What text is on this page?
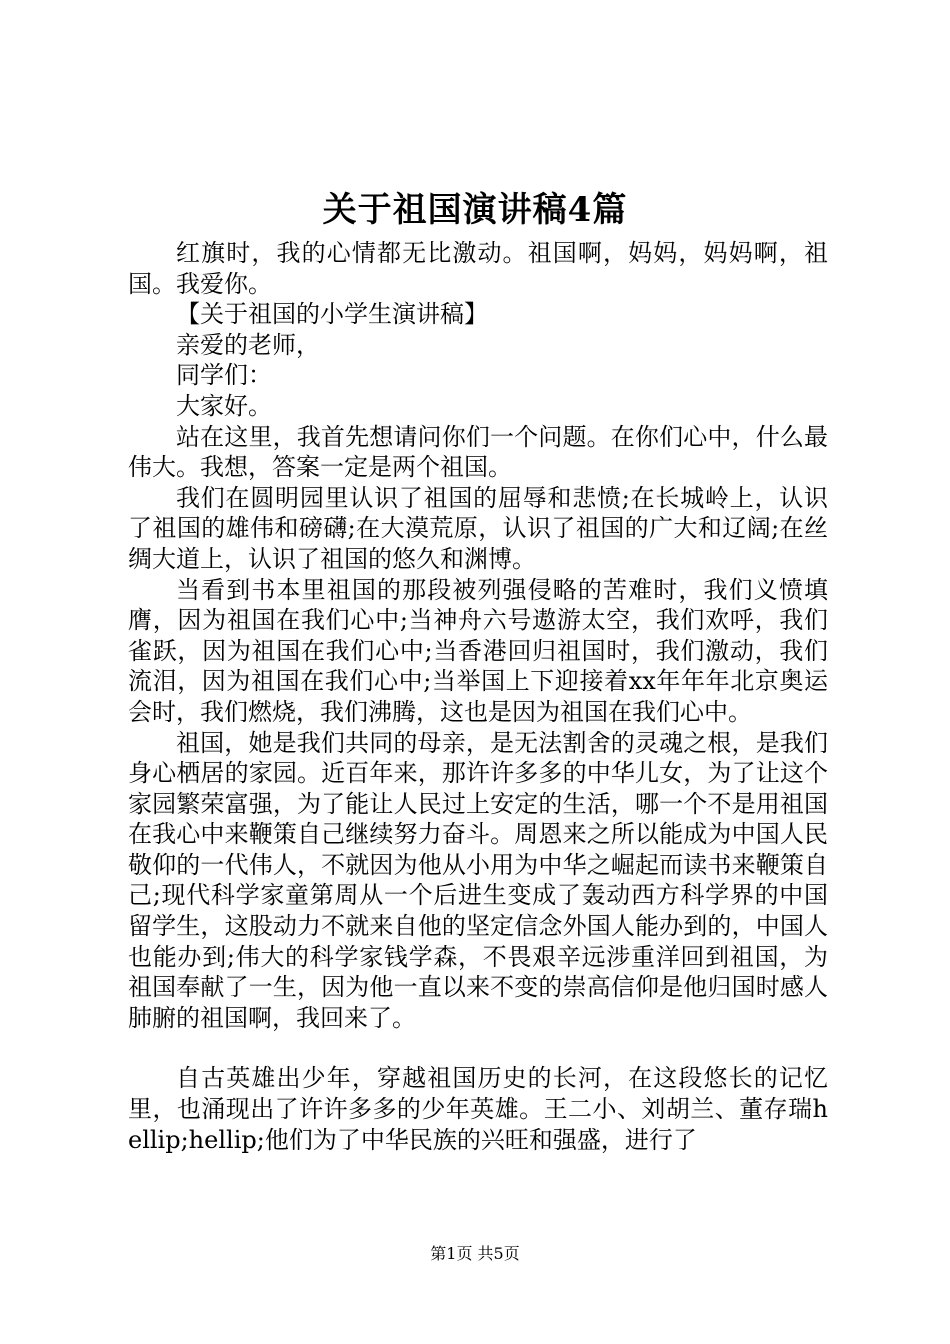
关于祖国演讲稿4篇

红旗时，我的心情都无比激动。祖国啊，妈妈，妈妈啊，祖国。我爱你。

【关于祖国的小学生演讲稿】

亲爱的老师，

同学们：

大家好。

站在这里，我首先想请问你们一个问题。在你们心中，什么最伟大。我想，答案一定是两个祖国。

我们在圆明园里认识了祖国的屈辱和悲愤;在长城岭上，认识了祖国的雄伟和磅礴;在大漠荒原，认识了祖国的广大和辽阔;在丝绸大道上，认识了祖国的悠久和渊博。

当看到书本里祖国的那段被列强侵略的苦难时，我们义愤填膺，因为祖国在我们心中;当神舟六号遨游太空，我们欢呼，我们雀跃，因为祖国在我们心中;当香港回归祖国时，我们激动，我们流泪，因为祖国在我们心中;当举国上下迎接着xx年年年北京奥运会时，我们燃烧，我们沸腾，这也是因为祖国在我们心中。

祖国，她是我们共同的母亲，是无法割舍的灵魂之根，是我们身心栖居的家园。近百年来，那许许多多的中华儿女，为了让这个家园繁荣富强，为了能让人民过上安定的生活，哪一个不是用祖国在我心中来鞭策自己继续努力奋斗。周恩来之所以能成为中国人民敬仰的一代伟人，不就因为他从小用为中华之崛起而读书来鞭策自己;现代科学家童第周从一个后进生变成了轰动西方科学界的中国留学生，这股动力不就来自他的坚定信念外国人能办到的，中国人也能办到;伟大的科学家钱学森，不畏艰辛远涉重洋回到祖国，为祖国奉献了一生，因为他一直以来不变的崇高信仰是他归国时感人肺腑的祖国啊，我回来了。

自古英雄出少年，穿越祖国历史的长河，在这段悠长的记忆里，也涌现出了许许多多的少年英雄。王二小、刘胡兰、董存瑞hellip;hellip;他们为了中华民族的兴旺和强盛，进行了

第1页 共5页
